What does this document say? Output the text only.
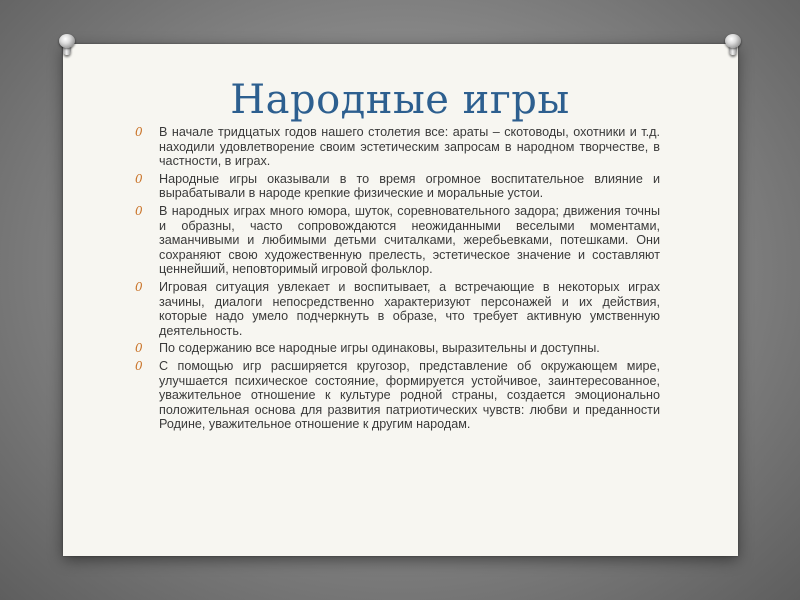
Народные игры
0 В начале тридцатых годов нашего столетия все: араты – скотоводы, охотники и т.д. находили удовлетворение своим эстетическим запросам в народном творчестве, в частности, в играх.
0 Народные игры оказывали в то время огромное воспитательное влияние и вырабатывали в народе крепкие физические и моральные устои.
0 В народных играх много юмора, шуток, соревновательного задора; движения точны и образны, часто сопровождаются неожиданными веселыми моментами, заманчивыми и любимыми детьми считалками, жеребьевками, потешками. Они сохраняют свою художественную прелесть, эстетическое значение и составляют ценнейший, неповторимый игровой фольклор.
0 Игровая ситуация увлекает и воспитывает, а встречающие в некоторых играх зачины, диалоги непосредственно характеризуют персонажей и их действия, которые надо умело подчеркнуть в образе, что требует активную умственную деятельность.
0 По содержанию все народные игры одинаковы, выразительны и доступны.
0 С помощью игр расширяется кругозор, представление об окружающем мире, улучшается психическое состояние, формируется устойчивое, заинтересованное, уважительное отношение к культуре родной страны, создается эмоционально положительная основа для развития патриотических чувств: любви и преданности Родине, уважительное отношение к другим народам.
